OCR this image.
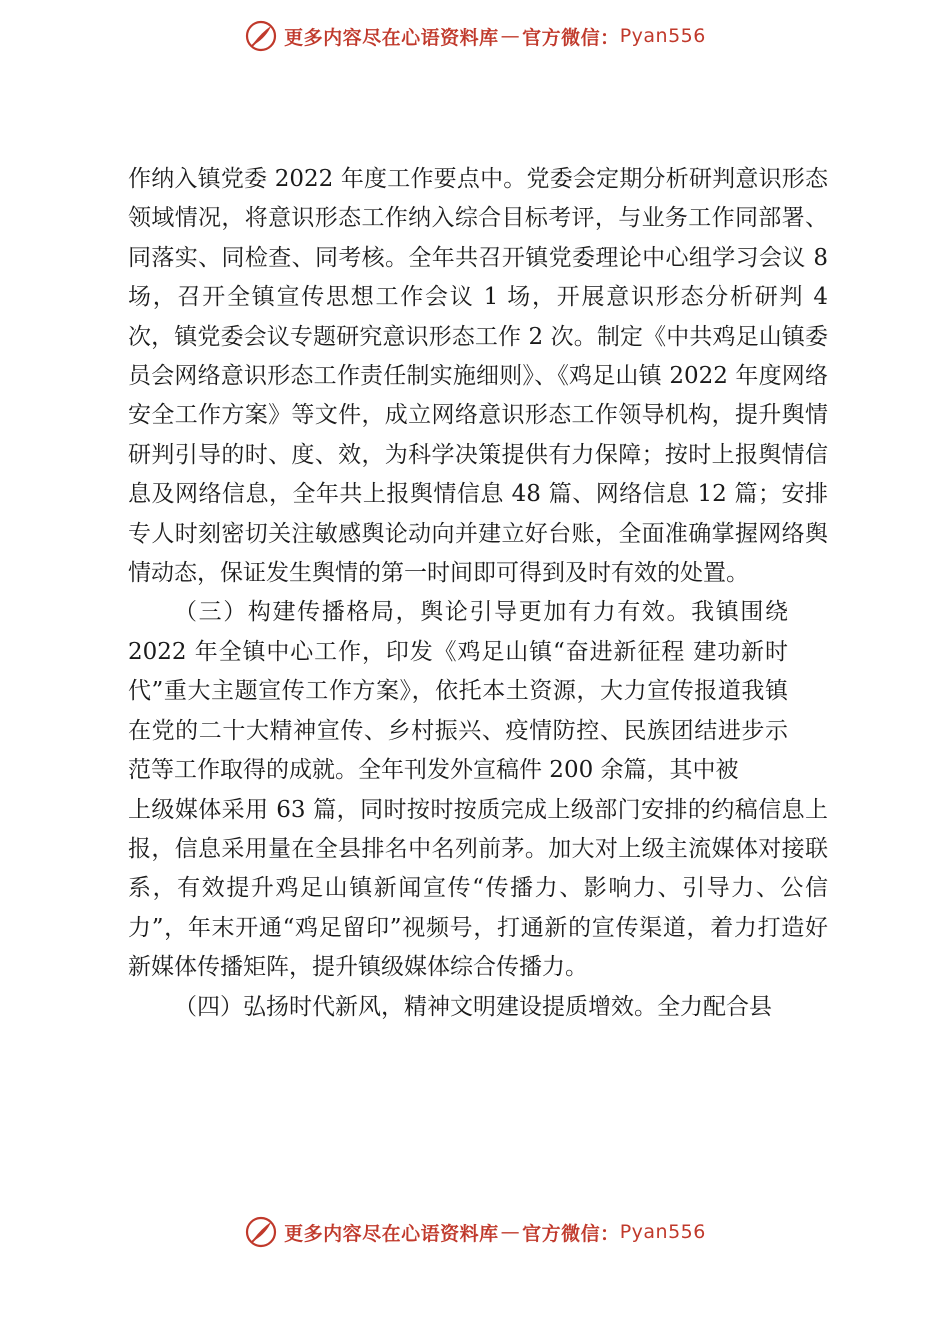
更多内容尽在心语资料库 — 官方微信： Pyan556

作纳入镇党委 2022 年度工作要点中。党委会定期分析研判意识形态领域情况，将意识形态工作纳入综合目标考评，与业务工作同部署、同落实、同检查、同考核。全年共召开镇党委理论中心组学习会议 8 场，召开全镇宣传思想工作会议 1 场，开展意识形态分析研判 4 次，镇党委会议专题研究意识形态工作 2 次。制定《中共鸡足山镇委员会网络意识形态工作责任制实施细则》、《鸡足山镇 2022 年度网络安全工作方案》等文件，成立网络意识形态工作领导机构，提升舆情研判引导的时、度、效，为科学决策提供有力保障；按时上报舆情信息及网络信息，全年共上报舆情信息 48 篇、网络信息 12 篇；安排专人时刻密切关注敏感舆论动向并建立好台账，全面准确掌握网络舆情动态，保证发生舆情的第一时间即可得到及时有效的处置。

（三）构建传播格局，舆论引导更加有力有效。我镇围绕 2022 年全镇中心工作，印发《鸡足山镇“奋进新征程 建功新时代”重大主题宣传工作方案》，依托本土资源，大力宣传报道我镇在党的二十大精神宣传、乡村振兴、疫情防控、民族团结进步示范等工作取得的成就。全年刊发外宣稿件 200 余篇，其中被

上级媒体采用 63 篇，同时按时按质完成上级部门安排的约稿信息上报，信息采用量在全县排名中名列前茅。加大对上级主流媒体对接联系，有效提升鸡足山镇新闻宣传“传播力、影响力、引导力、公信力”，年末开通“鸡足留印”视频号，打通新的宣传渠道，着力打造好新媒体传播矩阵，提升镇级媒体综合传播力。

（四）弘扬时代新风，精神文明建设提质增效。全力配合县

更多内容尽在心语资料库 — 官方微信： Pyan556
